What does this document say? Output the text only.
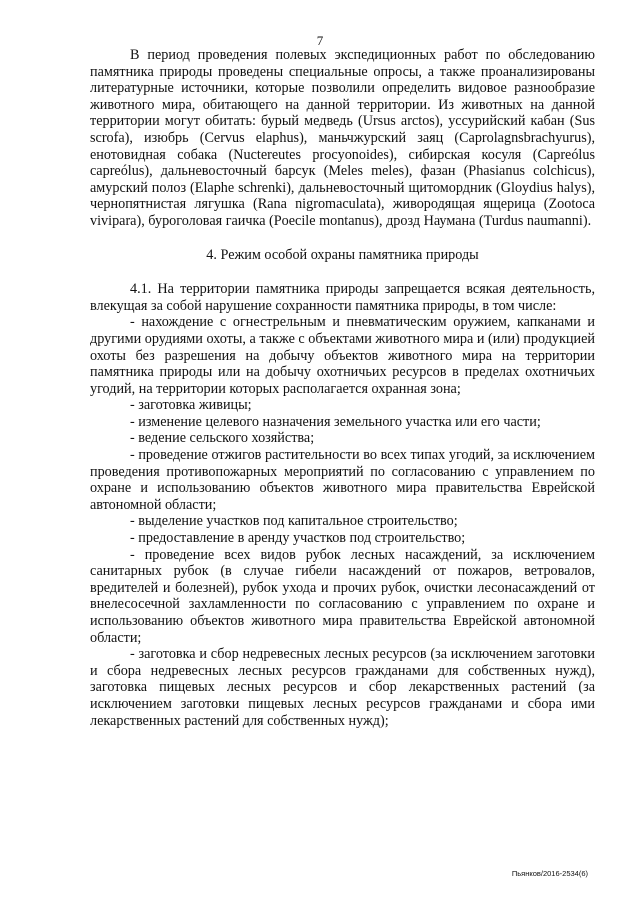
7

В период проведения полевых экспедиционных работ по обследованию памятника природы проведены специальные опросы, а также проанализированы литературные источники, которые позволили определить видовое разнообразие животного мира, обитающего на данной территории. Из животных на данной территории могут обитать: бурый медведь (Ursus arctos), уссурийский кабан (Sus scrofa), изюбрь (Cervus elaphus), маньчжурский заяц (Caprolagnsbrachyurus), енотовидная собака (Nuctereutes procyonoides), сибирская косуля (Capreólus capreólus), дальневосточный барсук (Meles meles), фазан (Phasianus colchicus), амурский полоз (Elaphe schrenki), дальневосточный щитомордник (Gloydius halys), чернопятнистая лягушка (Rana nigromaculata), живородящая ящерица (Zootoca vivipara), буроголовая гаичка (Poecile montanus), дрозд Наумана (Turdus naumanni).

4. Режим особой охраны памятника природы

4.1. На территории памятника природы запрещается всякая деятельность, влекущая за собой нарушение сохранности памятника природы, в том числе:

- нахождение с огнестрельным и пневматическим оружием, капканами и другими орудиями охоты, а также с объектами животного мира и (или) продукцией охоты без разрешения на добычу объектов животного мира на территории памятника природы или на добычу охотничьих ресурсов в пределах охотничьих угодий, на территории которых располагается охранная зона;

- заготовка живицы;

- изменение целевого назначения земельного участка или его части;

- ведение сельского хозяйства;

- проведение отжигов растительности во всех типах угодий, за исключением проведения противопожарных мероприятий по согласованию с управлением по охране и использованию объектов животного мира правительства Еврейской автономной области;

- выделение участков под капитальное строительство;

- предоставление в аренду участков под строительство;

- проведение всех видов рубок лесных насаждений, за исключением санитарных рубок (в случае гибели насаждений от пожаров, ветровалов, вредителей и болезней), рубок ухода и прочих рубок, очистки лесонасаждений от внелесосечной захламленности по согласованию с управлением по охране и использованию объектов животного мира правительства Еврейской автономной области;

- заготовка и сбор недревесных лесных ресурсов (за исключением заготовки и сбора недревесных лесных ресурсов гражданами для собственных нужд), заготовка пищевых лесных ресурсов и сбор лекарственных растений (за исключением заготовки пищевых лесных ресурсов гражданами и сбора ими лекарственных растений для собственных нужд);

Пьянков/2016-2534(6)
